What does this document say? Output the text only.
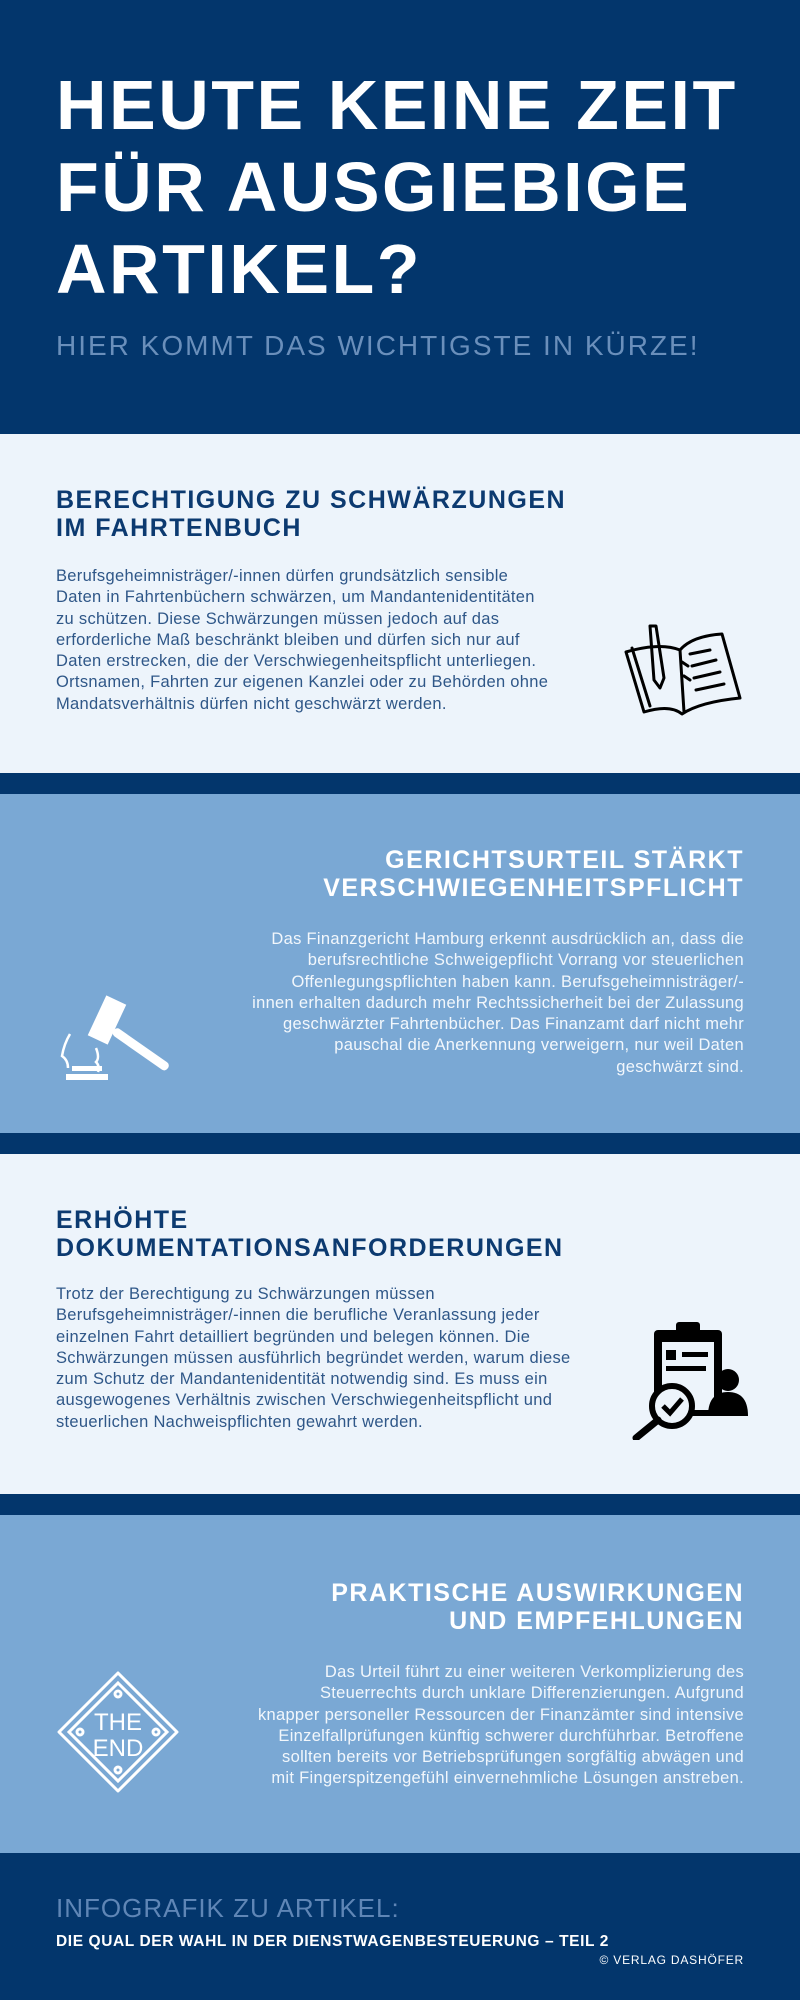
HEUTE KEINE ZEIT
FÜR AUSGIEBIGE
ARTIKEL?
HIER KOMMT DAS WICHTIGSTE IN KÜRZE!
BERECHTIGUNG ZU SCHWÄRZUNGEN
IM FAHRTENBUCH
Berufsgeheimnisträger/-innen dürfen grundsätzlich sensible
Daten in Fahrtenbüchern schwärzen, um Mandantenidentitäten
zu schützen. Diese Schwärzungen müssen jedoch auf das
erforderliche Maß beschränkt bleiben und dürfen sich nur auf
Daten erstrecken, die der Verschwiegenheitspflicht unterliegen.
Ortsnamen, Fahrten zur eigenen Kanzlei oder zu Behörden ohne
Mandatsverhältnis dürfen nicht geschwärzt werden.
GERICHTSURTEIL STÄRKT
VERSCHWIEGENHEITSPFLICHT
Das Finanzgericht Hamburg erkennt ausdrücklich an, dass die
berufsrechtliche Schweigepflicht Vorrang vor steuerlichen
Offenlegungspflichten haben kann. Berufsgeheimnisträger/-
innen erhalten dadurch mehr Rechtssicherheit bei der Zulassung
geschwärzter Fahrtenbücher. Das Finanzamt darf nicht mehr
pauschal die Anerkennung verweigern, nur weil Daten
geschwärzt sind.
ERHÖHTE
DOKUMENTATIONSANFORDERUNGEN
Trotz der Berechtigung zu Schwärzungen müssen
Berufsgeheimnisträger/-innen die berufliche Veranlassung jeder
einzelnen Fahrt detailliert begründen und belegen können. Die
Schwärzungen müssen ausführlich begründet werden, warum diese
zum Schutz der Mandantenidentität notwendig sind. Es muss ein
ausgewogenes Verhältnis zwischen Verschwiegenheitspflicht und
steuerlichen Nachweispflichten gewahrt werden.
PRAKTISCHE AUSWIRKUNGEN
UND EMPFEHLUNGEN
Das Urteil führt zu einer weiteren Verkomplizierung des
Steuerrechts durch unklare Differenzierungen. Aufgrund
knapper personeller Ressourcen der Finanzämter sind intensive
Einzelfallprüfungen künftig schwerer durchführbar. Betroffene
sollten bereits vor Betriebsprüfungen sorgfältig abwägen und
mit Fingerspitzengefühl einvernehmliche Lösungen anstreben.
THE
END
INFOGRAFIK ZU ARTIKEL:
DIE QUAL DER WAHL IN DER DIENSTWAGENBESTEUERUNG – TEIL 2
© VERLAG DASHÖFER
